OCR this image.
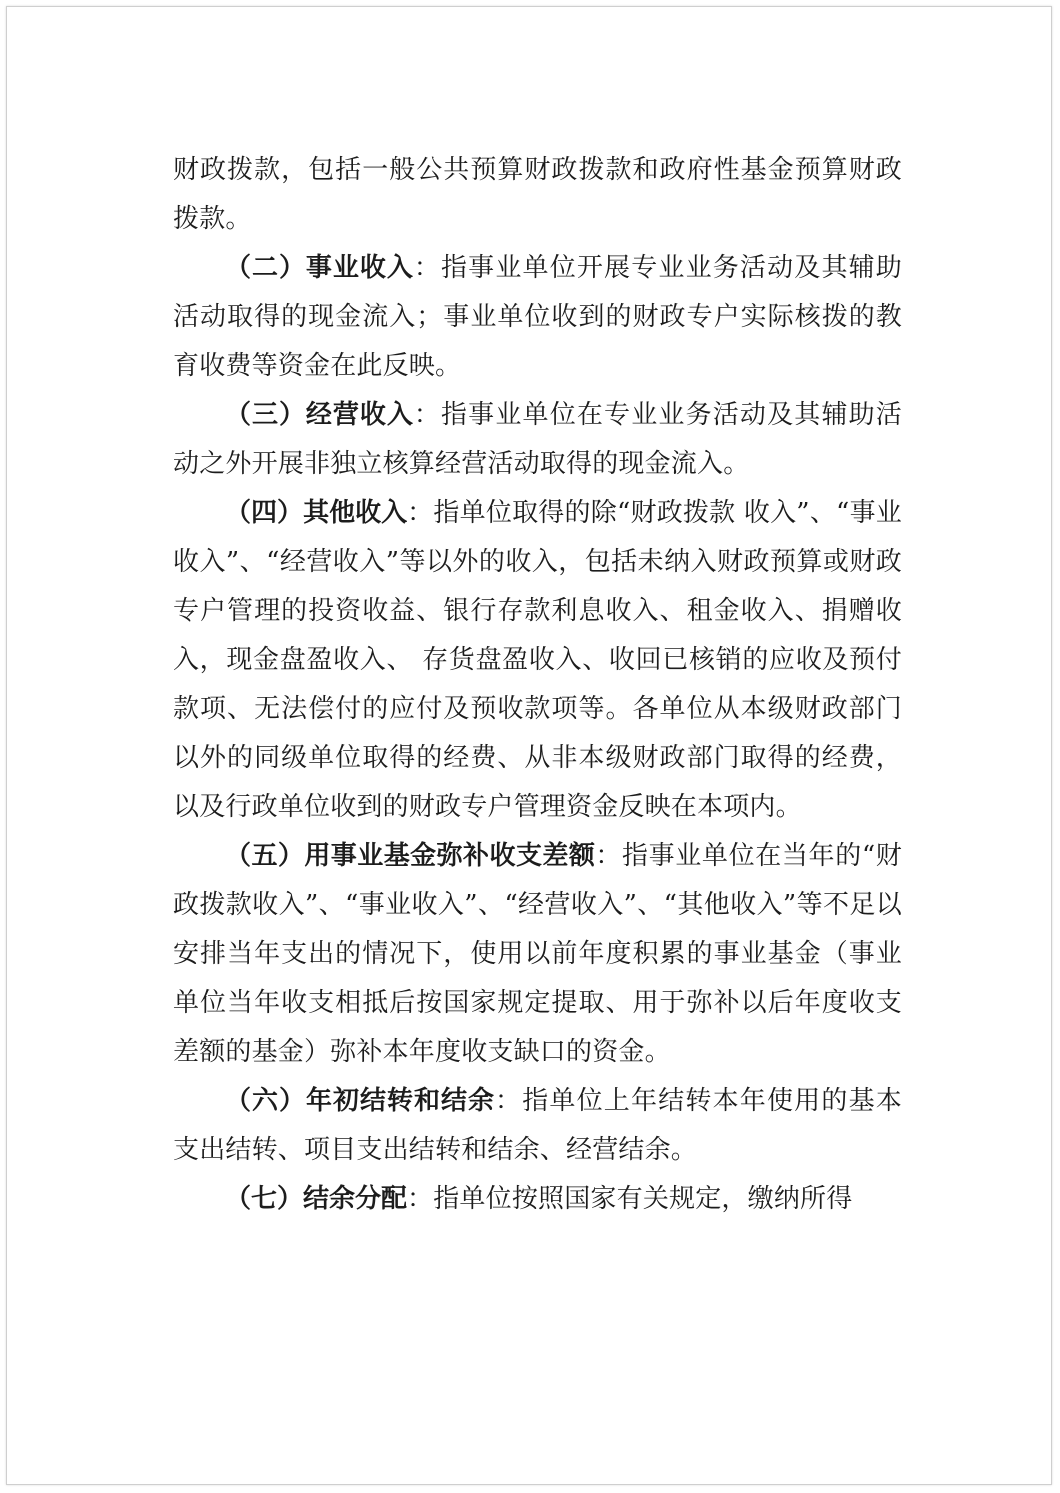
财政拨款，包括一般公共预算财政拨款和政府性基金预算财政拨款。

（二）事业收入：指事业单位开展专业业务活动及其辅助活动取得的现金流入；事业单位收到的财政专户实际核拨的教育收费等资金在此反映。

（三）经营收入：指事业单位在专业业务活动及其辅助活动之外开展非独立核算经营活动取得的现金流入。

（四）其他收入：指单位取得的除“财政拨款 收入”、“事业收入”、“经营收入”等以外的收入，包括未纳入财政预算或财政专户管理的投资收益、银行存款利息收入、租金收入、捐赠收入，现金盘盈收入、 存货盘盈收入、收回已核销的应收及预付款项、无法偿付的应付及预收款项等。各单位从本级财政部门以外的同级单位取得的经费、从非本级财政部门取得的经费， 以及行政单位收到的财政专户管理资金反映在本项内。

（五）用事业基金弥补收支差额：指事业单位在当年的“财政拨款收入”、“事业收入”、“经营收入”、“其他收入”等不足以安排当年支出的情况下，使用以前年度积累的事业基金（事业单位当年收支相抵后按国家规定提取、用于弥补以后年度收支差额的基金）弥补本年度收支缺口的资金。

（六）年初结转和结余：指单位上年结转本年使用的基本支出结转、项目支出结转和结余、经营结余。

（七）结余分配：指单位按照国家有关规定，缴纳所得
